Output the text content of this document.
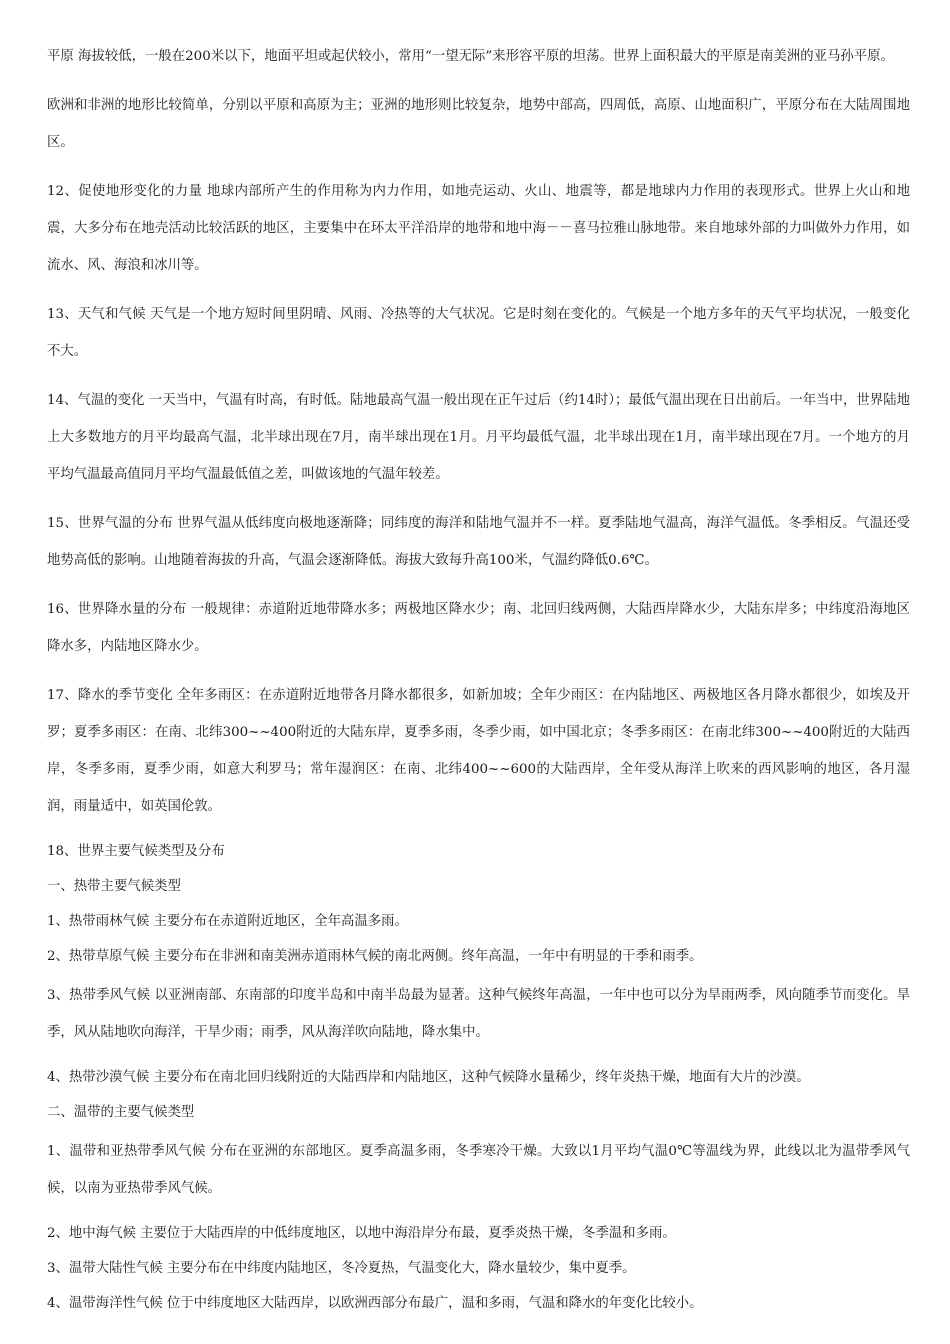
平原 海拔较低，一般在200米以下，地面平坦或起伏较小，常用“一望无际”来形容平原的坦荡。世界上面积最大的平原是南美洲的亚马孙平原。

欧洲和非洲的地形比较简单，分别以平原和高原为主；亚洲的地形则比较复杂，地势中部高，四周低，高原、山地面积广，平原分布在大陆周围地区。

12、促使地形变化的力量 地球内部所产生的作用称为内力作用，如地壳运动、火山、地震等，都是地球内力作用的表现形式。世界上火山和地震，大多分布在地壳活动比较活跃的地区，主要集中在环太平洋沿岸的地带和地中海－－喜马拉雅山脉地带。来自地球外部的力叫做外力作用，如流水、风、海浪和冰川等。

13、天气和气候 天气是一个地方短时间里阴晴、风雨、冷热等的大气状况。它是时刻在变化的。气候是一个地方多年的天气平均状况，一般变化不大。

14、气温的变化 一天当中，气温有时高，有时低。陆地最高气温一般出现在正午过后（约14时）；最低气温出现在日出前后。一年当中，世界陆地上大多数地方的月平均最高气温，北半球出现在7月，南半球出现在1月。月平均最低气温，北半球出现在1月，南半球出现在7月。一个地方的月平均气温最高值同月平均气温最低值之差，叫做该地的气温年较差。

15、世界气温的分布 世界气温从低纬度向极地逐渐降；同纬度的海洋和陆地气温并不一样。夏季陆地气温高，海洋气温低。冬季相反。气温还受地势高低的影响。山地随着海拔的升高，气温会逐渐降低。海拔大致每升高100米，气温约降低0.6℃。

16、世界降水量的分布 一般规律：赤道附近地带降水多；两极地区降水少；南、北回归线两侧，大陆西岸降水少，大陆东岸多；中纬度沿海地区降水多，内陆地区降水少。

17、降水的季节变化 全年多雨区：在赤道附近地带各月降水都很多，如新加坡；全年少雨区：在内陆地区、两极地区各月降水都很少，如埃及开罗；夏季多雨区：在南、北纬300~~400附近的大陆东岸，夏季多雨，冬季少雨，如中国北京；冬季多雨区：在南北纬300~~400附近的大陆西岸，冬季多雨，夏季少雨，如意大利罗马；常年湿润区：在南、北纬400~~600的大陆西岸，全年受从海洋上吹来的西风影响的地区，各月湿润，雨量适中，如英国伦敦。

18、世界主要气候类型及分布

一、热带主要气候类型

1、热带雨林气候 主要分布在赤道附近地区，全年高温多雨。

2、热带草原气候 主要分布在非洲和南美洲赤道雨林气候的南北两侧。终年高温，一年中有明显的干季和雨季。

3、热带季风气候 以亚洲南部、东南部的印度半岛和中南半岛最为显著。这种气候终年高温，一年中也可以分为旱雨两季，风向随季节而变化。旱季，风从陆地吹向海洋，干旱少雨；雨季，风从海洋吹向陆地，降水集中。

4、热带沙漠气候 主要分布在南北回归线附近的大陆西岸和内陆地区，这种气候降水量稀少，终年炎热干燥，地面有大片的沙漠。

二、温带的主要气候类型

1、温带和亚热带季风气候 分布在亚洲的东部地区。夏季高温多雨，冬季寒冷干燥。大致以1月平均气温0℃等温线为界，此线以北为温带季风气候，以南为亚热带季风气候。

2、地中海气候 主要位于大陆西岸的中低纬度地区，以地中海沿岸分布最，夏季炎热干燥，冬季温和多雨。

3、温带大陆性气候 主要分布在中纬度内陆地区，冬冷夏热，气温变化大，降水量较少，集中夏季。

4、温带海洋性气候 位于中纬度地区大陆西岸，以欧洲西部分布最广，温和多雨，气温和降水的年变化比较小。
